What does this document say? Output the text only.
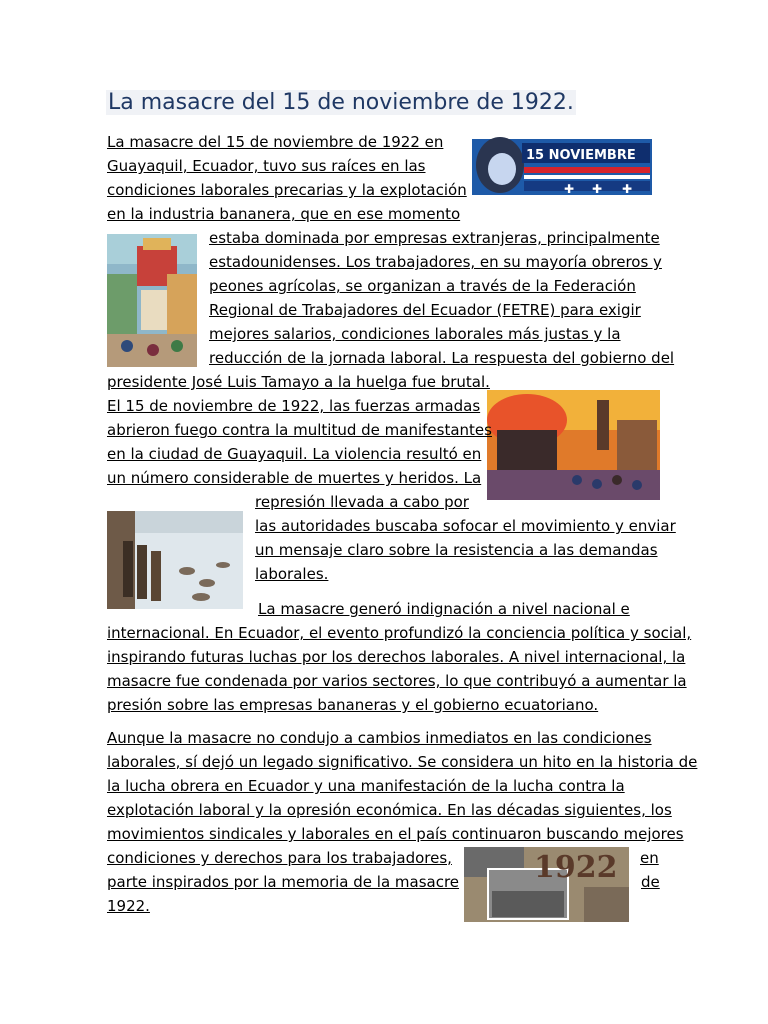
La masacre del 15 de noviembre de 1922.
15 NOVIEMBRE
✚ ✚ ✚
1922
La masacre del 15 de noviembre de 1922 en
Guayaquil, Ecuador, tuvo sus raíces en las
condiciones laborales precarias y la explotación
en la industria bananera, que en ese momento
estaba dominada por empresas extranjeras, principalmente
estadounidenses. Los trabajadores, en su mayoría obreros y
peones agrícolas, se organizan a través de la Federación
Regional de Trabajadores del Ecuador (FETRE) para exigir
mejores salarios, condiciones laborales más justas y la
reducción de la jornada laboral. La respuesta del gobierno del
presidente José Luis Tamayo a la huelga fue brutal.
El 15 de noviembre de 1922, las fuerzas armadas
abrieron fuego contra la multitud de manifestantes
en la ciudad de Guayaquil. La violencia resultó en
un número considerable de muertes y heridos. La
represión llevada a cabo por
las autoridades buscaba sofocar el movimiento y enviar
un mensaje claro sobre la resistencia a las demandas
laborales.
La masacre generó indignación a nivel nacional e
internacional. En Ecuador, el evento profundizó la conciencia política y social,
inspirando futuras luchas por los derechos laborales. A nivel internacional, la
masacre fue condenada por varios sectores, lo que contribuyó a aumentar la
presión sobre las empresas bananeras y el gobierno ecuatoriano.
Aunque la masacre no condujo a cambios inmediatos en las condiciones
laborales, sí dejó un legado significativo. Se considera un hito en la historia de
la lucha obrera en Ecuador y una manifestación de la lucha contra la
explotación laboral y la opresión económica. En las décadas siguientes, los
movimientos sindicales y laborales en el país continuaron buscando mejores
condiciones y derechos para los trabajadores,	en
parte inspirados por la memoria de la masacre	de
1922.
